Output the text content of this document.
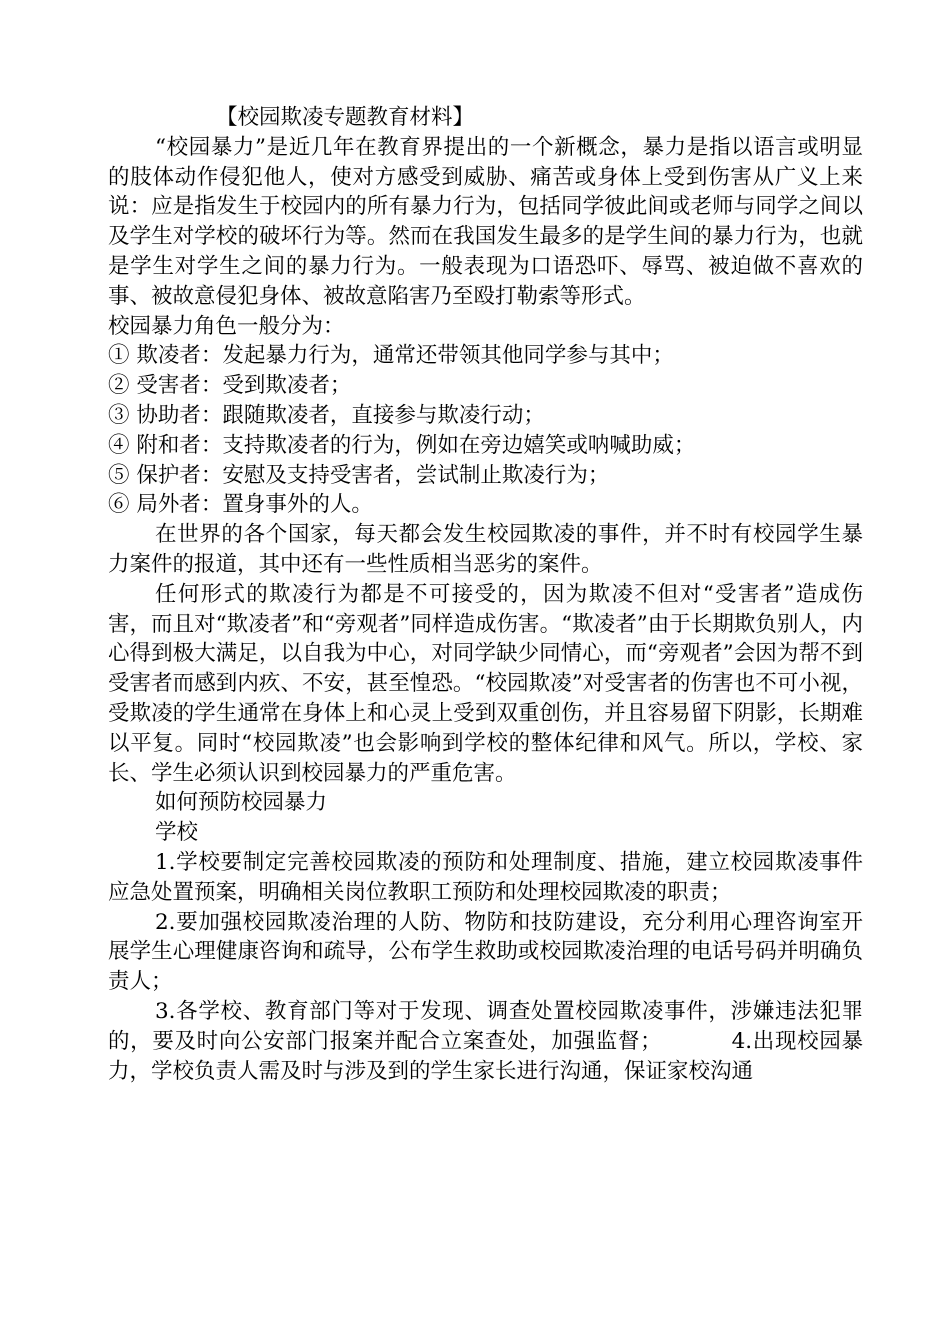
【校园欺凌专题教育材料】

“校园暴力”是近几年在教育界提出的一个新概念，暴力是指以语言或明显的肢体动作侵犯他人，使对方感受到威胁、痛苦或身体上受到伤害从广义上来说：应是指发生于校园内的所有暴力行为，包括同学彼此间或老师与同学之间以及学生对学校的破坏行为等。然而在我国发生最多的是学生间的暴力行为，也就是学生对学生之间的暴力行为。一般表现为口语恐吓、辱骂、被迫做不喜欢的事、被故意侵犯身体、被故意陷害乃至殴打勒索等形式。

校园暴力角色一般分为：

① 欺凌者：发起暴力行为，通常还带领其他同学参与其中；

② 受害者：受到欺凌者；

③ 协助者：跟随欺凌者，直接参与欺凌行动；

④ 附和者：支持欺凌者的行为，例如在旁边嬉笑或呐喊助威；

⑤ 保护者：安慰及支持受害者，尝试制止欺凌行为；

⑥ 局外者：置身事外的人。

在世界的各个国家，每天都会发生校园欺凌的事件，并不时有校园学生暴力案件的报道，其中还有一些性质相当恶劣的案件。

任何形式的欺凌行为都是不可接受的，因为欺凌不但对“受害者”造成伤害，而且对“欺凌者”和“旁观者”同样造成伤害。“欺凌者”由于长期欺负别人，内心得到极大满足，以自我为中心，对同学缺少同情心，而“旁观者”会因为帮不到受害者而感到内疚、不安，甚至惶恐。“校园欺凌”对受害者的伤害也不可小视，受欺凌的学生通常在身体上和心灵上受到双重创伤，并且容易留下阴影，长期难以平复。同时“校园欺凌”也会影响到学校的整体纪律和风气。所以，学校、家长、学生必须认识到校园暴力的严重危害。

如何预防校园暴力

学校

1.学校要制定完善校园欺凌的预防和处理制度、措施，建立校园欺凌事件应急处置预案，明确相关岗位教职工预防和处理校园欺凌的职责；

2.要加强校园欺凌治理的人防、物防和技防建设，充分利用心理咨询室开展学生心理健康咨询和疏导，公布学生救助或校园欺凌治理的电话号码并明确负责人；

3.各学校、教育部门等对于发现、调查处置校园欺凌事件，涉嫌违法犯罪的，要及时向公安部门报案并配合立案查处，加强监督；	4.出现校园暴力，学校负责人需及时与涉及到的学生家长进行沟通，保证家校沟通
